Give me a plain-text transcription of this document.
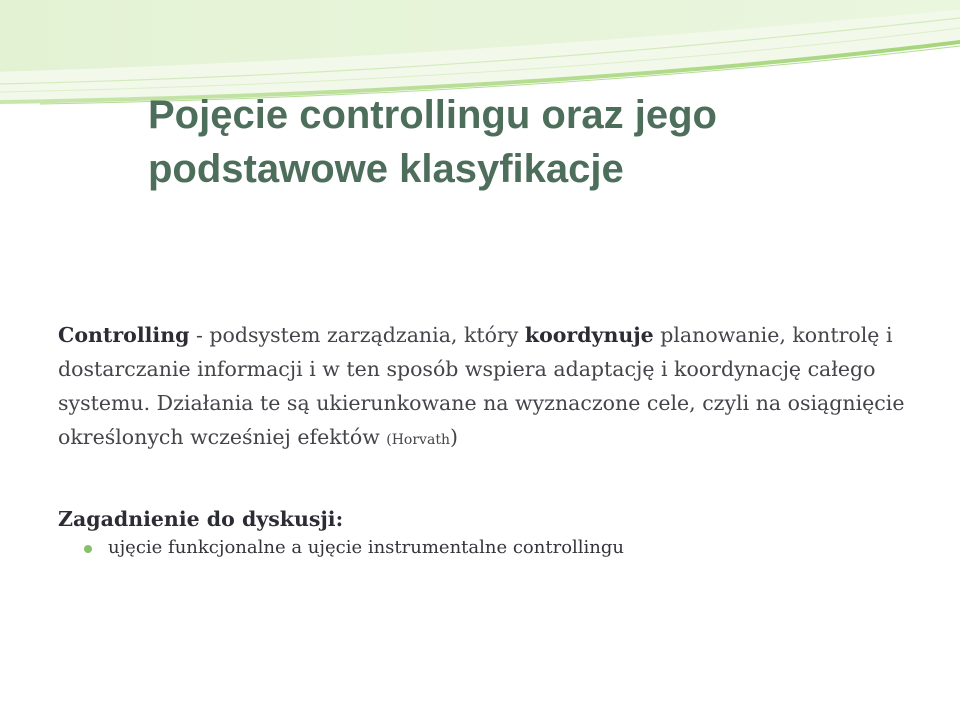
Pojęcie controllingu oraz jego
podstawowe klasyfikacje

Controlling - podsystem zarządzania, który koordynuje planowanie, kontrolę i dostarczanie informacji i w ten sposób wspiera adaptację i koordynację całego systemu. Działania te są ukierunkowane na wyznaczone cele, czyli na osiągnięcie określonych wcześniej efektów (Horvath)

Zagadnienie do dyskusji:

ujęcie funkcjonalne a ujęcie instrumentalne controllingu
